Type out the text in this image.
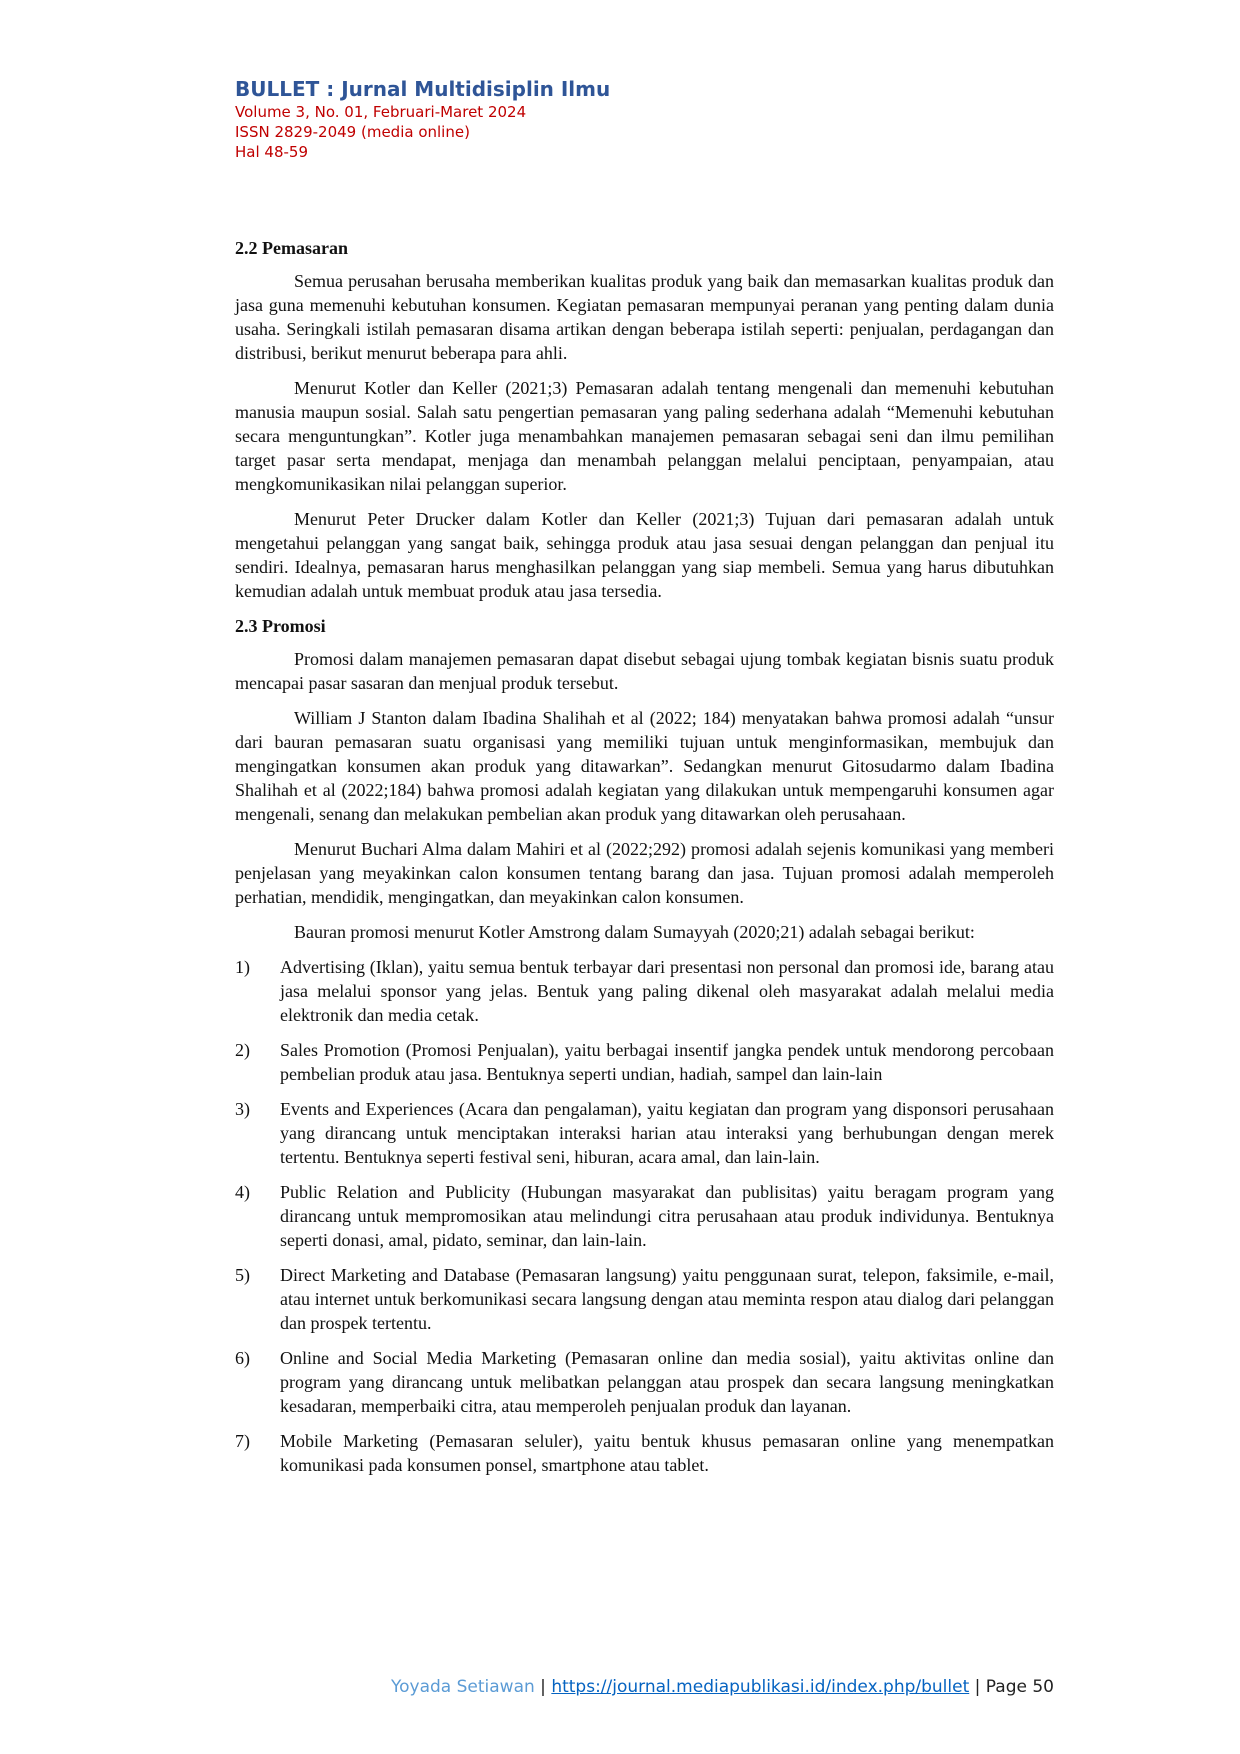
BULLET : Jurnal Multidisiplin Ilmu

Volume 3, No. 01, Februari-Maret 2024

ISSN 2829-2049 (media online)

Hal 48-59

2.2 Pemasaran

Semua perusahan berusaha memberikan kualitas produk yang baik dan memasarkan kualitas produk dan jasa guna memenuhi kebutuhan konsumen. Kegiatan pemasaran mempunyai peranan yang penting dalam dunia usaha. Seringkali istilah pemasaran disama artikan dengan beberapa istilah seperti: penjualan, perdagangan dan distribusi, berikut menurut beberapa para ahli.

Menurut Kotler dan Keller (2021;3) Pemasaran adalah tentang mengenali dan memenuhi kebutuhan manusia maupun sosial. Salah satu pengertian pemasaran yang paling sederhana adalah “Memenuhi kebutuhan secara menguntungkan”. Kotler juga menambahkan manajemen pemasaran sebagai seni dan ilmu pemilihan target pasar serta mendapat, menjaga dan menambah pelanggan melalui penciptaan, penyampaian, atau mengkomunikasikan nilai pelanggan superior.

Menurut Peter Drucker dalam Kotler dan Keller (2021;3) Tujuan dari pemasaran adalah untuk mengetahui pelanggan yang sangat baik, sehingga produk atau jasa sesuai dengan pelanggan dan penjual itu sendiri. Idealnya, pemasaran harus menghasilkan pelanggan yang siap membeli. Semua yang harus dibutuhkan kemudian adalah untuk membuat produk atau jasa tersedia.

2.3 Promosi

Promosi dalam manajemen pemasaran dapat disebut sebagai ujung tombak kegiatan bisnis suatu produk mencapai pasar sasaran dan menjual produk tersebut.

William J Stanton dalam Ibadina Shalihah et al (2022; 184) menyatakan bahwa promosi adalah “unsur dari bauran pemasaran suatu organisasi yang memiliki tujuan untuk menginformasikan, membujuk dan mengingatkan konsumen akan produk yang ditawarkan”. Sedangkan menurut Gitosudarmo dalam Ibadina Shalihah et al (2022;184) bahwa promosi adalah kegiatan yang dilakukan untuk mempengaruhi konsumen agar mengenali, senang dan melakukan pembelian akan produk yang ditawarkan oleh perusahaan.

Menurut Buchari Alma dalam Mahiri et al (2022;292) promosi adalah sejenis komunikasi yang memberi penjelasan yang meyakinkan calon konsumen tentang barang dan jasa. Tujuan promosi adalah memperoleh perhatian, mendidik, mengingatkan, dan meyakinkan calon konsumen.

Bauran promosi menurut Kotler Amstrong dalam Sumayyah (2020;21) adalah sebagai berikut:

1)	Advertising (Iklan), yaitu semua bentuk terbayar dari presentasi non personal dan promosi ide, barang atau jasa melalui sponsor yang jelas. Bentuk yang paling dikenal oleh masyarakat adalah melalui media elektronik dan media cetak.
2)	Sales Promotion (Promosi Penjualan), yaitu berbagai insentif jangka pendek untuk mendorong percobaan pembelian produk atau jasa. Bentuknya seperti undian, hadiah, sampel dan lain-lain
3)	Events and Experiences (Acara dan pengalaman), yaitu kegiatan dan program yang disponsori perusahaan yang dirancang untuk menciptakan interaksi harian atau interaksi yang berhubungan dengan merek tertentu. Bentuknya seperti festival seni, hiburan, acara amal, dan lain-lain.
4)	Public Relation and Publicity (Hubungan masyarakat dan publisitas) yaitu beragam program yang dirancang untuk mempromosikan atau melindungi citra perusahaan atau produk individunya. Bentuknya seperti donasi, amal, pidato, seminar, dan lain-lain.
5)	Direct Marketing and Database (Pemasaran langsung) yaitu penggunaan surat, telepon, faksimile, e-mail, atau internet untuk berkomunikasi secara langsung dengan atau meminta respon atau dialog dari pelanggan dan prospek tertentu.
6)	Online and Social Media Marketing (Pemasaran online dan media sosial), yaitu aktivitas online dan program yang dirancang untuk melibatkan pelanggan atau prospek dan secara langsung meningkatkan kesadaran, memperbaiki citra, atau memperoleh penjualan produk dan layanan.
7)	Mobile Marketing (Pemasaran seluler), yaitu bentuk khusus pemasaran online yang menempatkan komunikasi pada konsumen ponsel, smartphone atau tablet.
Yoyada Setiawan | https://journal.mediapublikasi.id/index.php/bullet | Page 50
